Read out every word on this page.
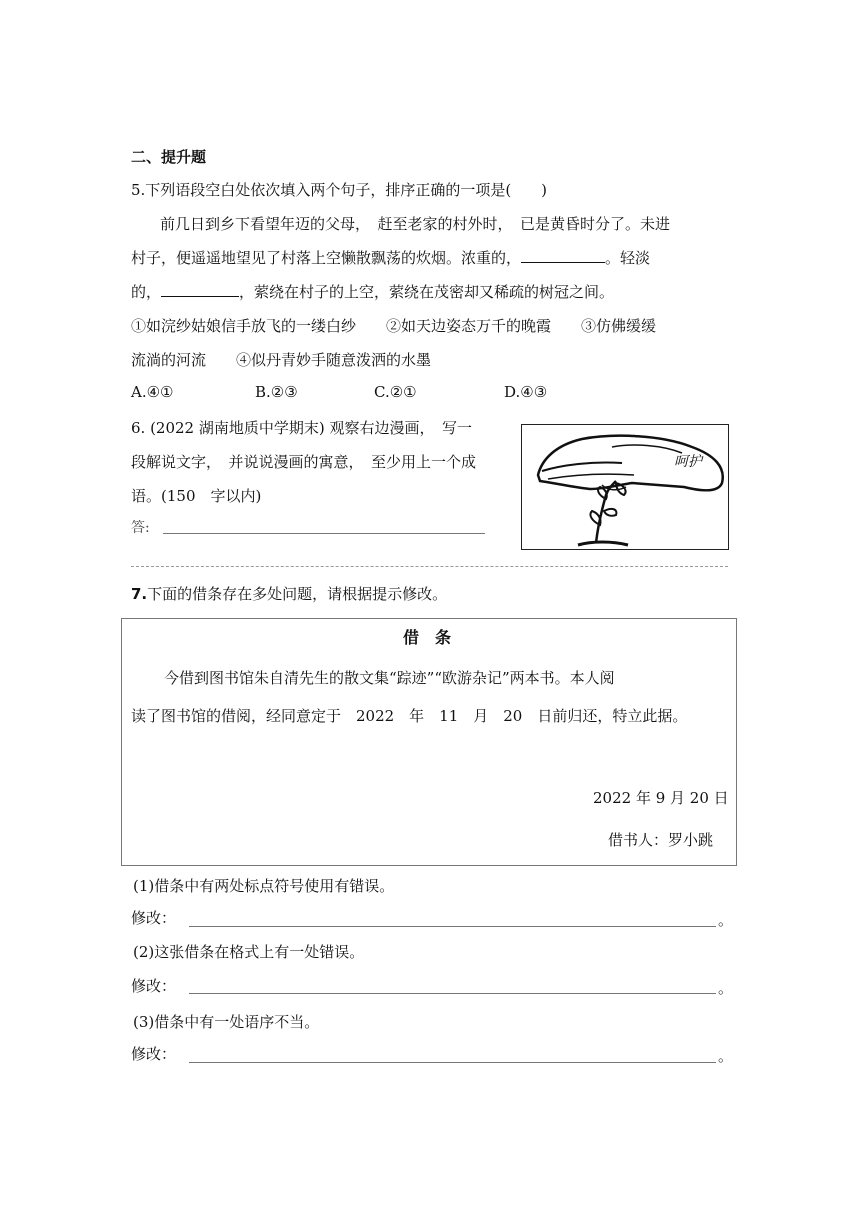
二、提升题
5.下列语段空白处依次填入两个句子，排序正确的一项是(　　)
前几日到乡下看望年迈的父母，　赶至老家的村外时，　已是黄昏时分了。未进
村子，便遥遥地望见了村落上空懒散飘荡的炊烟。浓重的，	。轻淡
的，	，萦绕在村子的上空，萦绕在茂密却又稀疏的树冠之间。
①如浣纱姑娘信手放飞的一缕白纱　　②如天边姿态万千的晚霞　　③仿佛缓缓
流淌的河流　　④似丹青妙手随意泼洒的水墨
A.④①	B.②③	C.②①	D.④③
6. (2022 湖南地质中学期末) 观察右边漫画，　写一
段解说文字，　并说说漫画的寓意，　至少用上一个成
语。(150　字以内)
答:
呵护
7.下面的借条存在多处问题，请根据提示修改。
借　条
今借到图书馆朱自清先生的散文集“踪迹”“欧游杂记”两本书。本人阅
读了图书馆的借阅，经同意定于　2022　年　11　月　20　日前归还，特立此据。
2022 年 9 月 20 日
借书人：罗小跳
(1)借条中有两处标点符号使用有错误。
修改：	。
(2)这张借条在格式上有一处错误。
修改：	。
(3)借条中有一处语序不当。
修改：	。
